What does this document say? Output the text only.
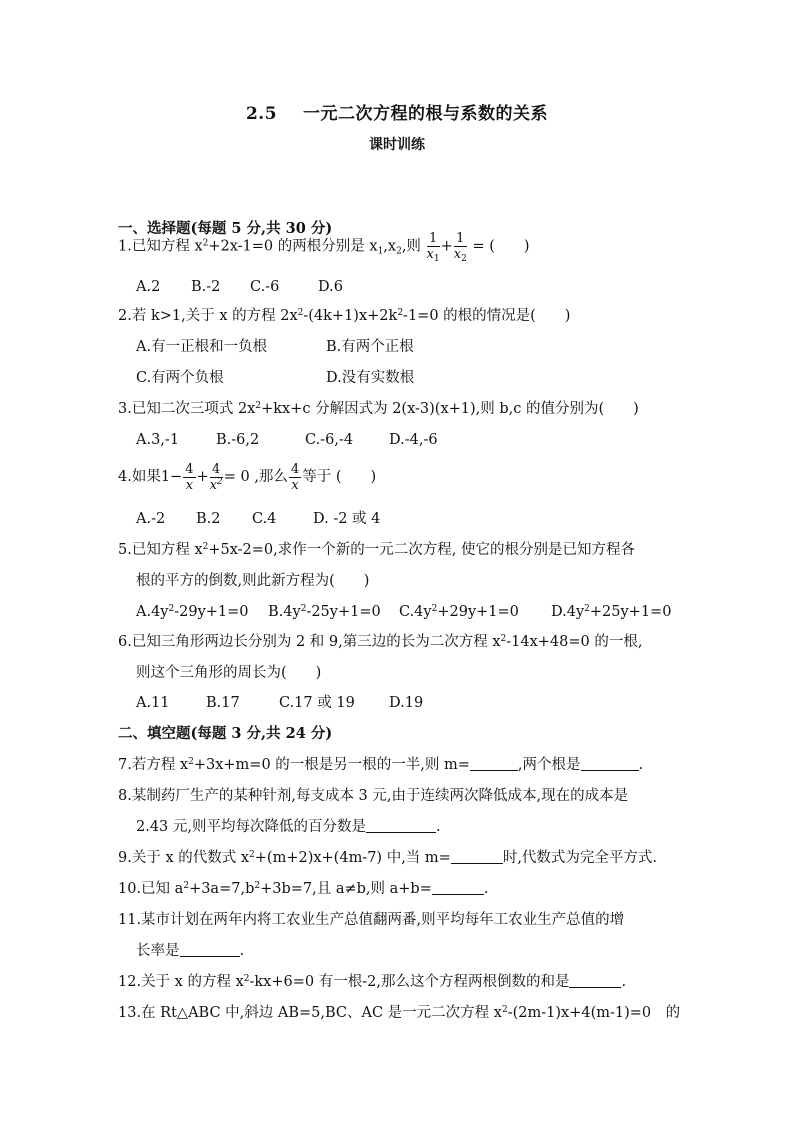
2.5 一元二次方程的根与系数的关系
课时训练
一、选择题(每题 5 分,共 30 分)
1.已知方程 $x^2+2x-1=0$ 的两根分别是 $x_1,x_2$,则 $\frac{1}{x_1} + \frac{1}{x_2}$ = (　　)
A.2 B.-2 C.-6	D.6
2.若 k>1,关于 x 的方程 $2x^2-(4k+1)x+2k^2-1=0$ 的根的情况是(　　)
A.有一正根和一负根	B.有两个正根
C.有两个负根	D.没有实数根
3.已知二次三项式 $2x^2+kx+c$ 分解因式为 2(x-3)(x+1),则 b,c 的值分别为(　　)
A.3,-1	B.-6,2	C.-6,-4 D.-4,-6
4.如果$1- \frac{4}{x} + \frac{4}{x^2} = 0$ ,那么 $\frac{4}{x}$ 等于 (　　)
A.-2 B.2 C.4	D. -2 或 4
5.已知方程 $x^2+5x-2=0$,求作一个新的一元二次方程, 使它的根分别是已知方程各
根的平方的倒数,则此新方程为(　　)
$A.4y^2-29y+1=0$ $B.4y^2-25y+1=0$ $C.4y^2+29y+1=0$ $D.4y^2+25y+1=0$
6.已知三角形两边长分别为 2 和 9,第三边的长为二次方程 $x^2-14x+48=0$ 的一根,
则这个三角形的周长为(　　)
A.11	B.17	C.17 或 19 D.19
二、填空题(每题 3 分,共 24 分)
7.若方程 $x^2+3x+m=0$ 的一根是另一根的一半,则 m=	,两个根是	.
8.某制药厂生产的某种针剂,每支成本 3 元,由于连续两次降低成本,现在的成本是
2.43 元,则平均每次降低的百分数是	.
9.关于 x 的代数式 $x^2+(m+2)x+(4m-7)$ 中,当 m=	时,代数式为完全平方式.
10.已知 $a^2+3a=7,b^2+3b=7$,且 a≠b,则 a+b=	.
11.某市计划在两年内将工农业生产总值翻两番,则平均每年工农业生产总值的增
长率是	.
12.关于 x 的方程 $x^2-kx+6=0$ 有一根-2,那么这个方程两根倒数的和是	.
13.在 Rt△ABC 中,斜边 AB=5,BC、AC 是一元二次方程 $x^2-(2m-1)x+4(m-1)=0$　的
